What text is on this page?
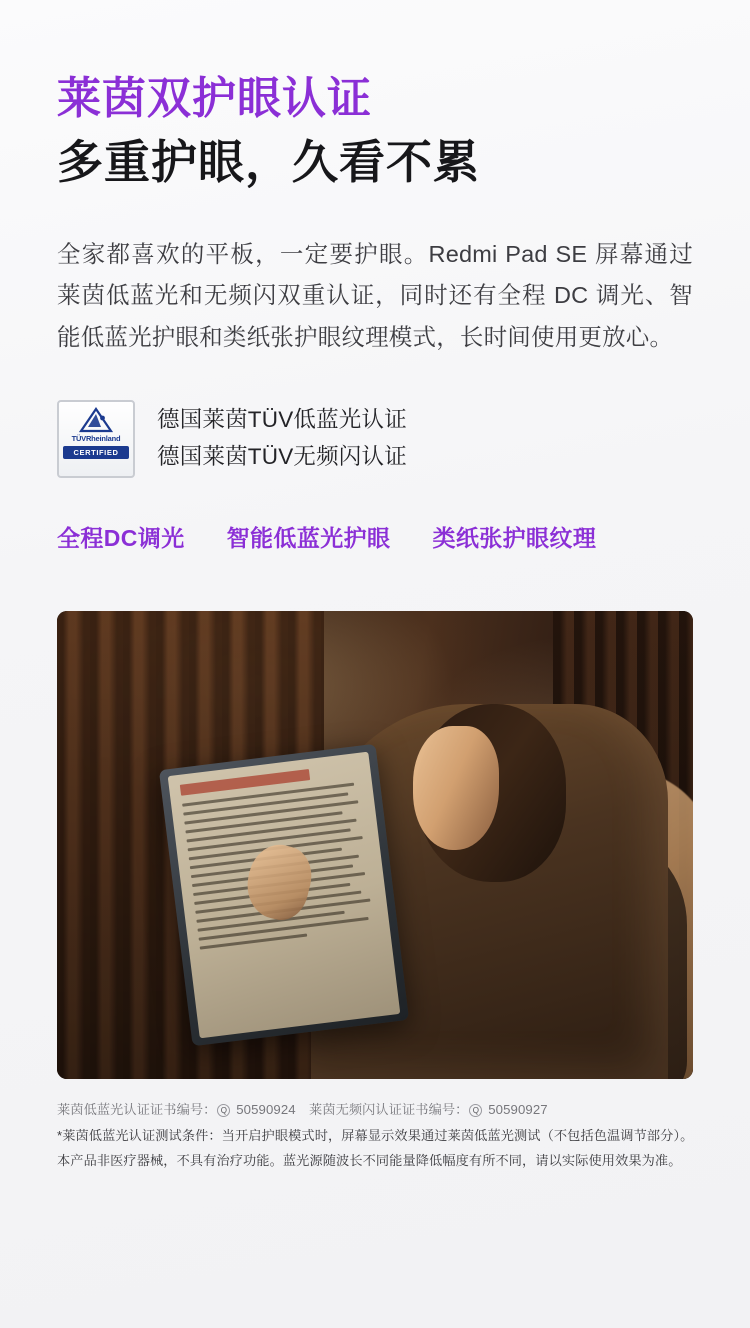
莱茵双护眼认证
多重护眼，久看不累

全家都喜欢的平板，一定要护眼。Redmi Pad SE 屏幕通过莱茵低蓝光和无频闪双重认证，同时还有全程 DC 调光、智能低蓝光护眼和类纸张护眼纹理模式，长时间使用更放心。

TÜVRheinland
CERTIFIED
德国莱茵TÜV低蓝光认证
德国莱茵TÜV无频闪认证
全程DC调光 智能低蓝光护眼 类纸张护眼纹理
莱茵低蓝光认证证书编号： Q 50590924　莱茵无频闪认证证书编号： Q 50590927
*莱茵低蓝光认证测试条件：当开启护眼模式时，屏幕显示效果通过莱茵低蓝光测试（不包括色温调节部分）。
本产品非医疗器械，不具有治疗功能。蓝光源随波长不同能量降低幅度有所不同，请以实际使用效果为准。
